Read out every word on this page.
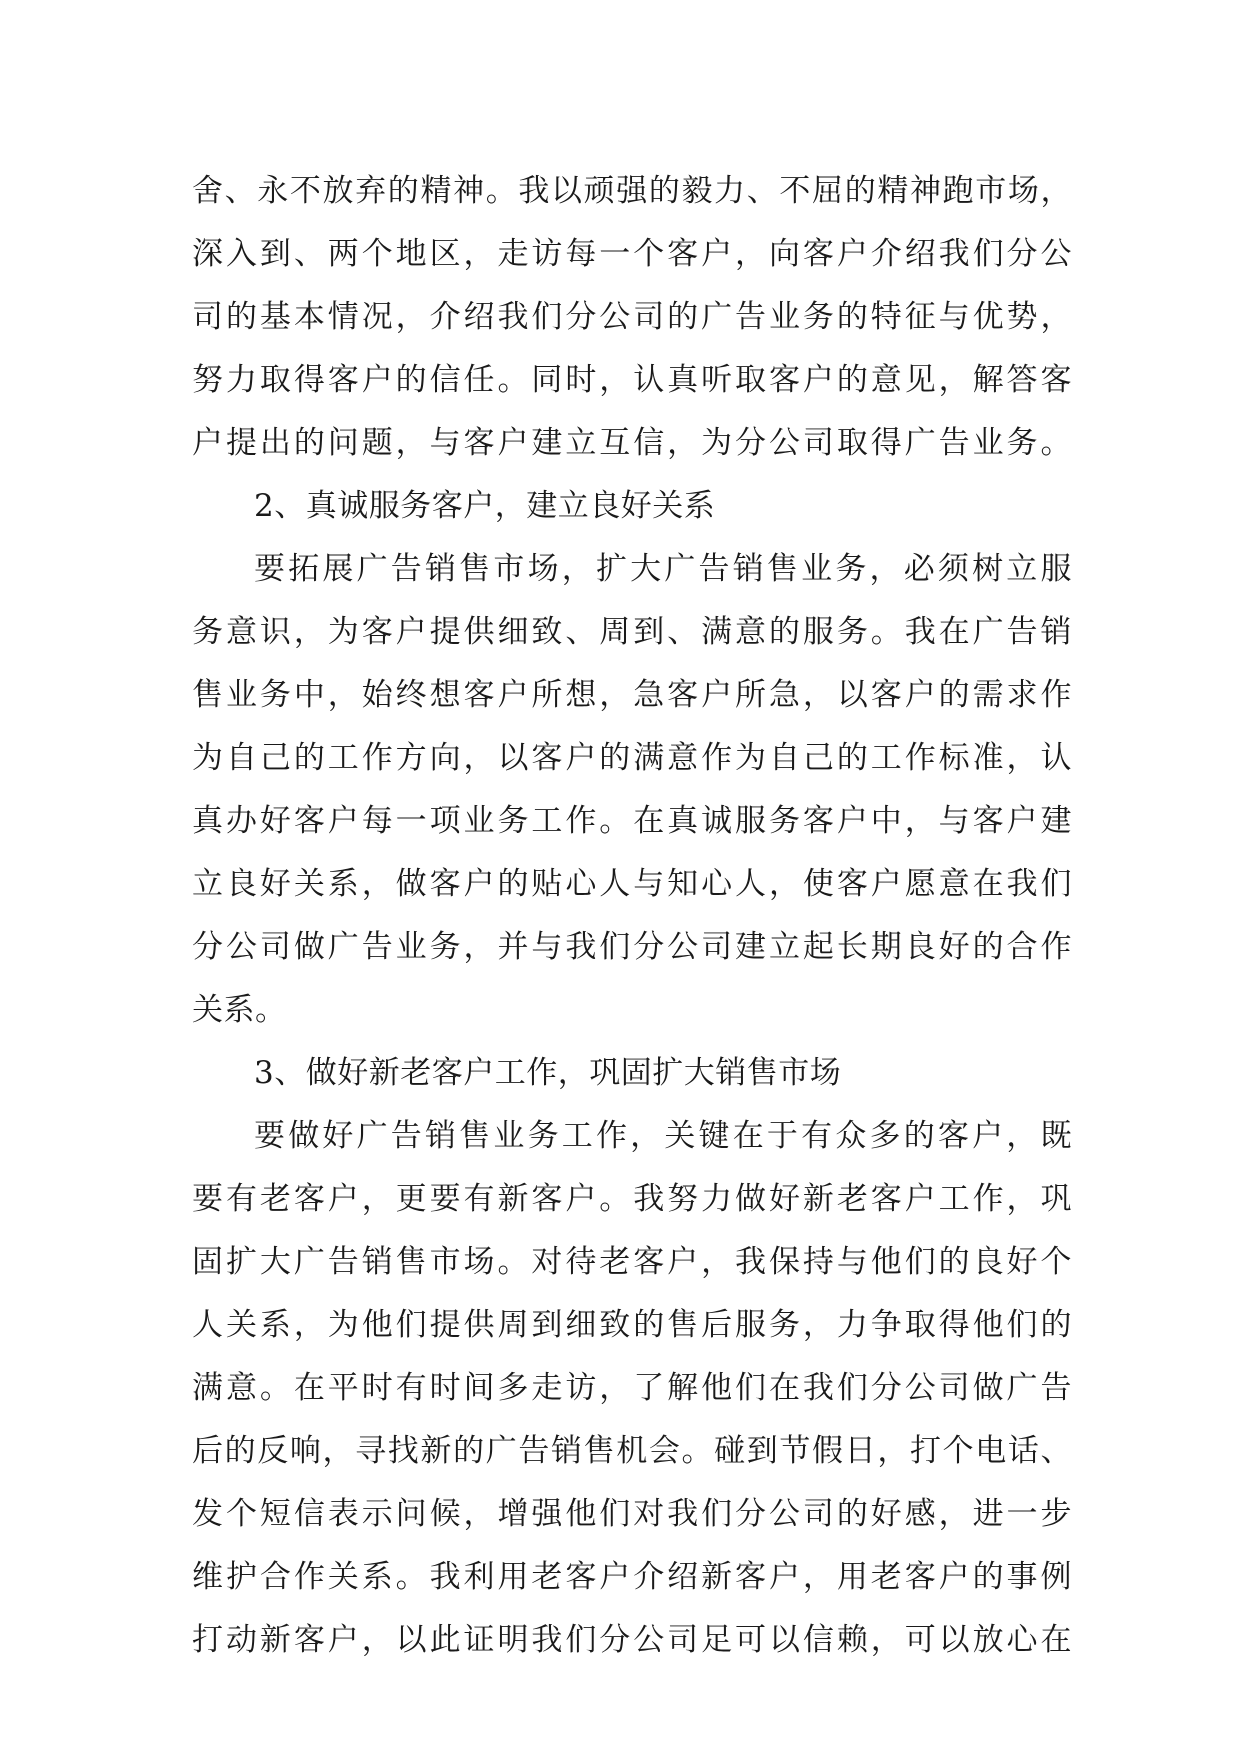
舍、永不放弃的精神。我以顽强的毅力、不屈的精神跑市场，
深入到、两个地区，走访每一个客户，向客户介绍我们分公
司的基本情况，介绍我们分公司的广告业务的特征与优势，
努力取得客户的信任。同时，认真听取客户的意见，解答客
户提出的问题，与客户建立互信，为分公司取得广告业务。
2、真诚服务客户，建立良好关系
要拓展广告销售市场，扩大广告销售业务，必须树立服
务意识，为客户提供细致、周到、满意的服务。我在广告销
售业务中，始终想客户所想，急客户所急，以客户的需求作
为自己的工作方向，以客户的满意作为自己的工作标准，认
真办好客户每一项业务工作。在真诚服务客户中，与客户建
立良好关系，做客户的贴心人与知心人，使客户愿意在我们
分公司做广告业务，并与我们分公司建立起长期良好的合作
关系。
3、做好新老客户工作，巩固扩大销售市场
要做好广告销售业务工作，关键在于有众多的客户，既
要有老客户，更要有新客户。我努力做好新老客户工作，巩
固扩大广告销售市场。对待老客户，我保持与他们的良好个
人关系，为他们提供周到细致的售后服务，力争取得他们的
满意。在平时有时间多走访，了解他们在我们分公司做广告
后的反响，寻找新的广告销售机会。碰到节假日，打个电话、
发个短信表示问候，增强他们对我们分公司的好感，进一步
维护合作关系。我利用老客户介绍新客户，用老客户的事例
打动新客户，以此证明我们分公司足可以信赖，可以放心在
